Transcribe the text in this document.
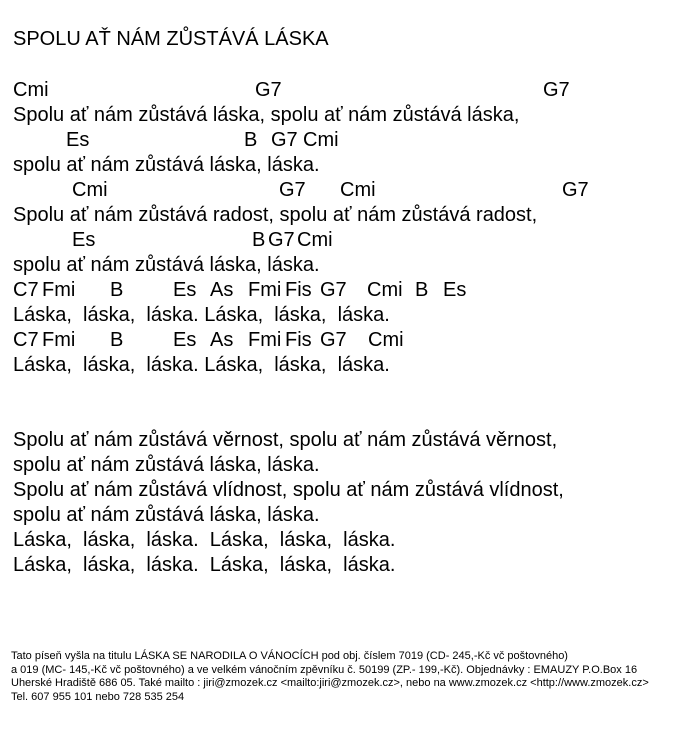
SPOLU AŤ NÁM ZŮSTÁVÁ LÁSKA
Cmi	G7	G7
Spolu ať nám zůstává láska, spolu ať nám zůstává láska,
Es	B G7 Cmi
spolu ať nám zůstává láska, láska.
Cmi	G7 Cmi	G7
Spolu ať nám zůstává radost, spolu ať nám zůstává radost,
Es	B G7 Cmi
spolu ať nám zůstává láska, láska.
C7 Fmi B Es As Fmi Fis G7 Cmi B Es
Láska,  láska,  láska. Láska,  láska,  láska.
C7 Fmi B Es As Fmi Fis G7 Cmi
Láska,  láska,  láska. Láska,  láska,  láska.
Spolu ať nám zůstává věrnost, spolu ať nám zůstává věrnost,
spolu ať nám zůstává láska, láska.
Spolu ať nám zůstává vlídnost, spolu ať nám zůstává vlídnost,
spolu ať nám zůstává láska, láska.
Láska,  láska,  láska.  Láska,  láska,  láska.
Láska,  láska,  láska.  Láska,  láska,  láska.
Tato píseň vyšla na titulu LÁSKA SE NARODILA O VÁNOCÍCH pod obj. číslem 7019 (CD- 245,-Kč vč poštovného)
a 019 (MC- 145,-Kč vč poštovného) a ve velkém vánočním zpěvníku č. 50199 (ZP.- 199,-Kč). Objednávky : EMAUZY P.O.Box 16
Uherské Hradiště 686 05. Také mailto : jiri@zmozek.cz <mailto:jiri@zmozek.cz>, nebo na www.zmozek.cz <http://www.zmozek.cz>
Tel. 607 955 101 nebo 728 535 254
